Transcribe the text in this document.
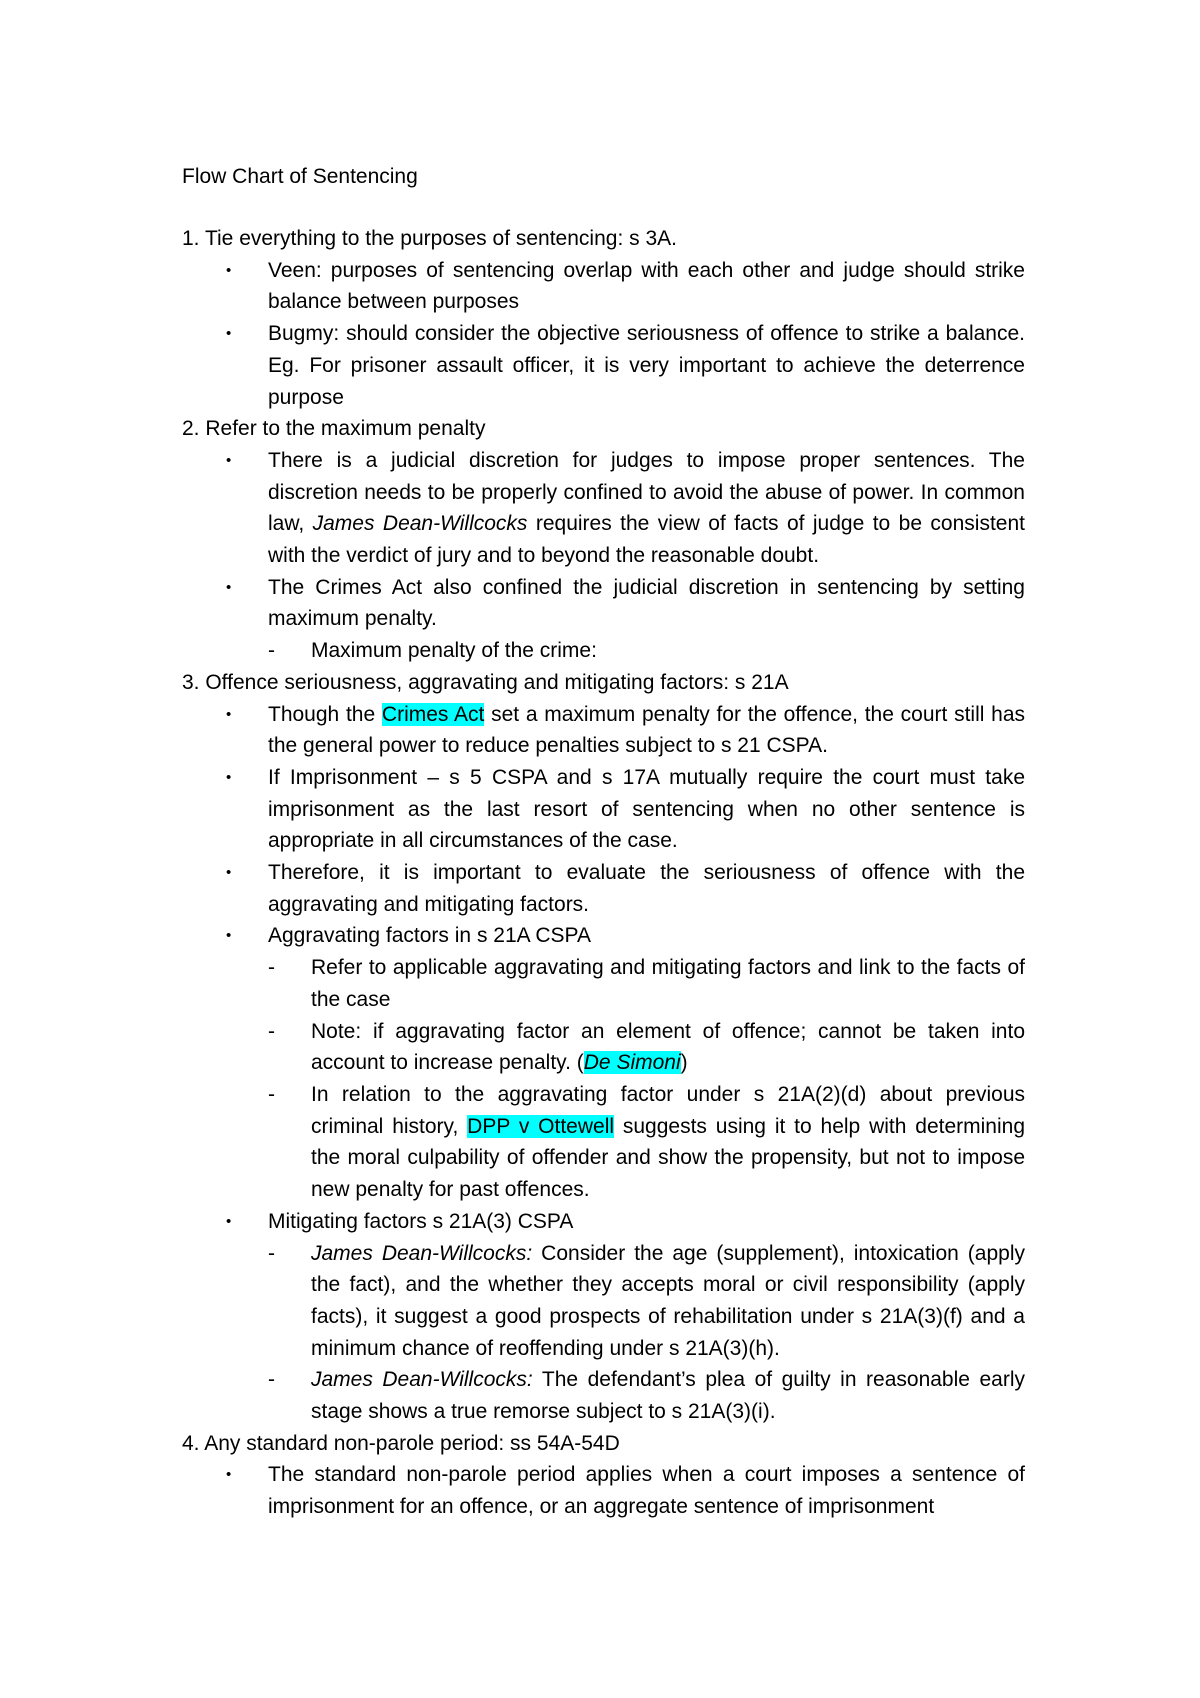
Flow Chart of Sentencing
1. Tie everything to the purposes of sentencing: s 3A.
• Veen: purposes of sentencing overlap with each other and judge should strike balance between purposes
• Bugmy: should consider the objective seriousness of offence to strike a balance. Eg. For prisoner assault officer, it is very important to achieve the deterrence purpose
2. Refer to the maximum penalty
• There is a judicial discretion for judges to impose proper sentences. The discretion needs to be properly confined to avoid the abuse of power. In common law, James Dean-Willcocks requires the view of facts of judge to be consistent with the verdict of jury and to beyond the reasonable doubt.
• The Crimes Act also confined the judicial discretion in sentencing by setting maximum penalty.
- Maximum penalty of the crime:
3. Offence seriousness, aggravating and mitigating factors: s 21A
• Though the Crimes Act set a maximum penalty for the offence, the court still has the general power to reduce penalties subject to s 21 CSPA.
• If Imprisonment – s 5 CSPA and s 17A mutually require the court must take imprisonment as the last resort of sentencing when no other sentence is appropriate in all circumstances of the case.
• Therefore, it is important to evaluate the seriousness of offence with the aggravating and mitigating factors.
• Aggravating factors in s 21A CSPA
- Refer to applicable aggravating and mitigating factors and link to the facts of the case
- Note: if aggravating factor an element of offence; cannot be taken into account to increase penalty. (De Simoni)
- In relation to the aggravating factor under s 21A(2)(d) about previous criminal history, DPP v Ottewell suggests using it to help with determining the moral culpability of offender and show the propensity, but not to impose new penalty for past offences.
• Mitigating factors s 21A(3) CSPA
- James Dean-Willcocks: Consider the age (supplement), intoxication (apply the fact), and the whether they accepts moral or civil responsibility (apply facts), it suggest a good prospects of rehabilitation under s 21A(3)(f) and a minimum chance of reoffending under s 21A(3)(h).
- James Dean-Willcocks: The defendant’s plea of guilty in reasonable early stage shows a true remorse subject to s 21A(3)(i).
4. Any standard non-parole period: ss 54A-54D
• The standard non-parole period applies when a court imposes a sentence of imprisonment for an offence, or an aggregate sentence of imprisonment
